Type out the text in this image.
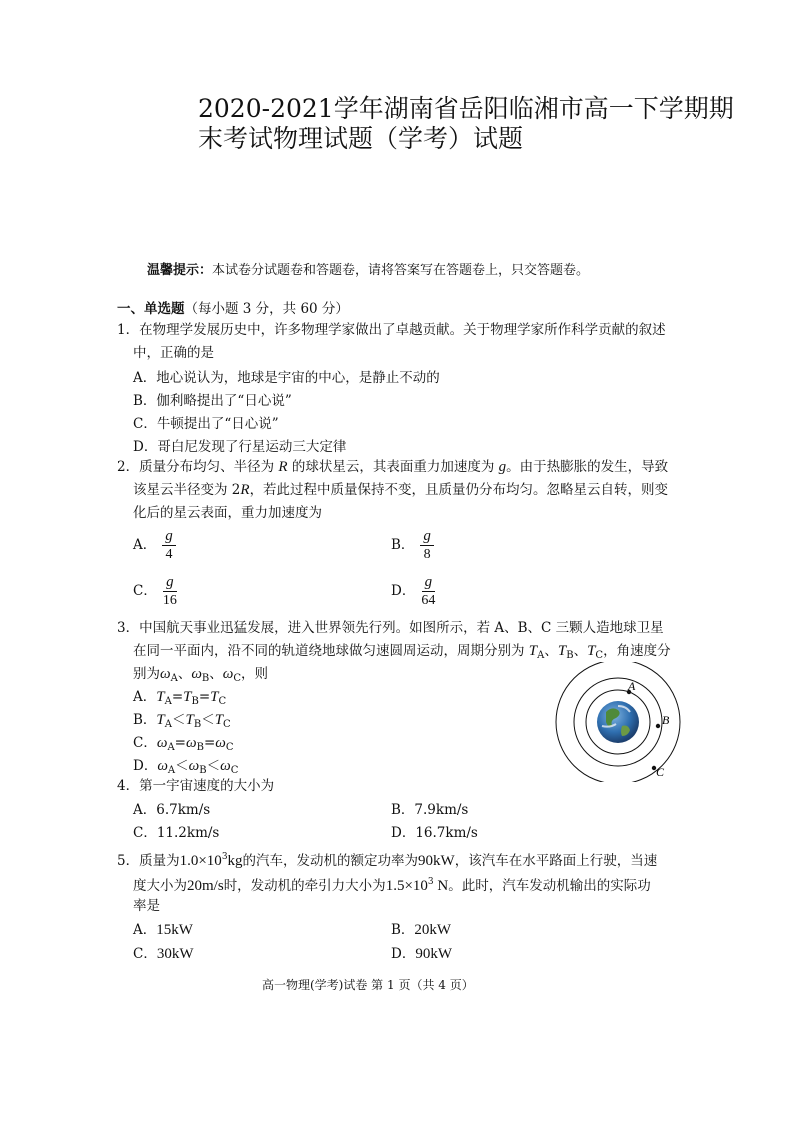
2020-2021学年湖南省岳阳临湘市高一下学期期
末考试物理试题（学考）试题
温馨提示：本试卷分试题卷和答题卷，请将答案写在答题卷上，只交答题卷。
一、单选题（每小题 3 分，共 60 分）
1．在物理学发展历史中，许多物理学家做出了卓越贡献。关于物理学家所作科学贡献的叙述
中，正确的是
A．地心说认为，地球是宇宙的中心，是静止不动的
B．伽利略提出了“日心说”
C．牛顿提出了“日心说”
D．哥白尼发现了行星运动三大定律
2．质量分布均匀、半径为 R 的球状星云，其表面重力加速度为 g。由于热膨胀的发生，导致
该星云半径变为 2R，若此过程中质量保持不变，且质量仍分布均匀。忽略星云自转，则变
化后的星云表面，重力加速度为
A． $\frac{g}{4}$	B． $\frac{g}{8}$
C． $\frac{g}{16}$	D． $\frac{g}{64}$
3．中国航天事业迅猛发展，进入世界领先行列。如图所示，若 A、B、C 三颗人造地球卫星
在同一平面内，沿不同的轨道绕地球做匀速圆周运动，周期分别为 $T_A$、$T_B$、$T_C$，角速度分
别为$\omega_A$、$\omega_B$、$\omega_C$，则
A．$T_A=T_B=T_C$
B．$T_A<T_B<T_C$
C．$\omega_A=\omega_B=\omega_C$
D．$\omega_A<\omega_B<\omega_C$
A
B
C
4．第一宇宙速度的大小为
A．6.7km/s	B．7.9km/s
C．11.2km/s	D．16.7km/s
5．质量为$1.0\times 10^3kg$的汽车，发动机的额定功率为90kW，该汽车在水平路面上行驶，当速
度大小为20m/s时，发动机的牵引力大小为$1.5\times 10^3$ N。此时，汽车发动机输出的实际功
率是
A．15kW	B．20kW
C．30kW	D．90kW
高一物理(学考)试卷 第 1 页（共 4 页）
